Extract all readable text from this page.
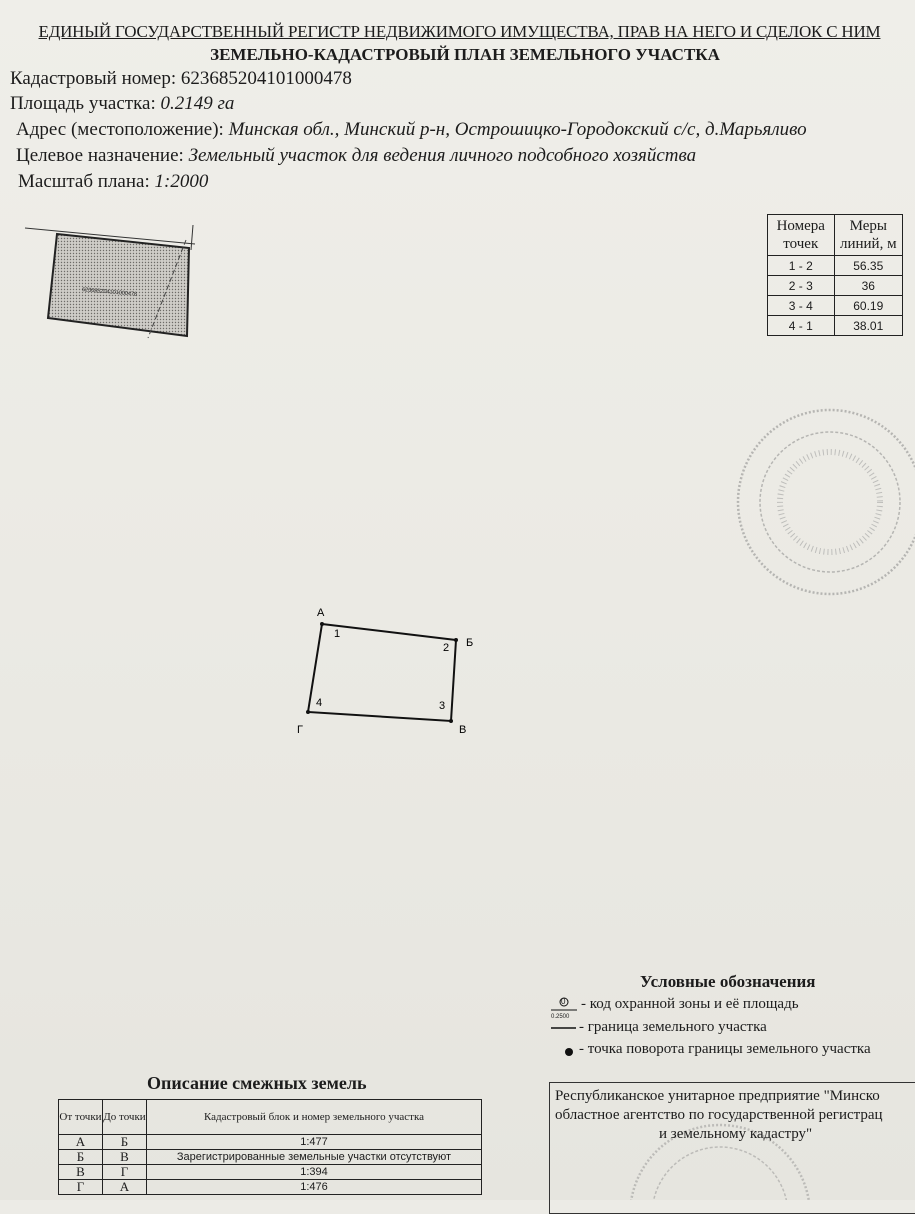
ЕДИНЫЙ ГОСУДАРСТВЕННЫЙ РЕГИСТР НЕДВИЖИМОГО ИМУЩЕСТВА, ПРАВ НА НЕГО И СДЕЛОК С НИМ
ЗЕМЕЛЬНО-КАДАСТРОВЫЙ ПЛАН ЗЕМЕЛЬНОГО УЧАСТКА
Кадастровый номер: 623685204101000478
Площадь участка: 0.2149 га
Адрес (местоположение): Минская обл., Минский р-н, Острошицко-Городокский с/с, д.Марьяливо
Целевое назначение: Земельный участок для ведения личного подсобного хозяйства
Масштаб плана: 1:2000
623685204101000478
А
Б
В
Г
1
2
3
4
0.2500
Номера точек	Меры линий, м
1 - 2	56.35
2 - 3	36
3 - 4	60.19
4 - 1	38.01
Условные обозначения
- код охранной зоны и её площадь
- граница земельного участка
- точка поворота границы земельного участка
0
Описание смежных земель
От точки	До точки	Кадастровый блок и номер земельного участка
А	Б	1:477
Б	В	Зарегистрированные земельные участки отсутствуют
В	Г	1:394
Г	А	1:476
Республиканское унитарное предприятие "Минско
областное агентство по государственной регистрац
и земельному кадастру"
